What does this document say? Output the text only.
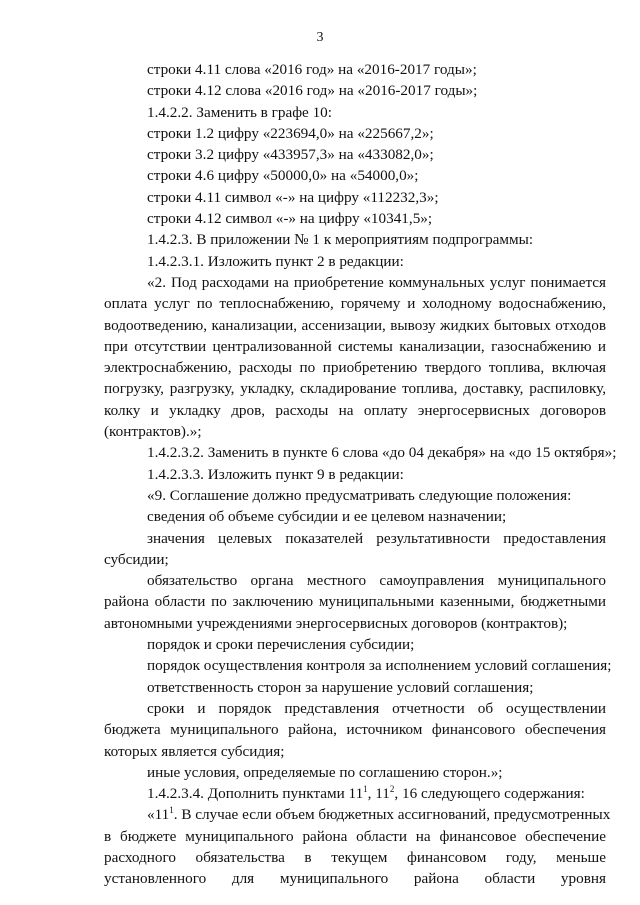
3
строки 4.11 слова «2016 год» на «2016-2017 годы»;
строки 4.12 слова «2016 год» на «2016-2017 годы»;
1.4.2.2. Заменить в графе 10:
строки 1.2 цифру «223694,0» на «225667,2»;
строки 3.2 цифру «433957,3» на «433082,0»;
строки 4.6 цифру «50000,0» на «54000,0»;
строки 4.11 символ «-» на цифру «112232,3»;
строки 4.12 символ «-» на цифру «10341,5»;
1.4.2.3. В приложении № 1 к мероприятиям подпрограммы:
1.4.2.3.1. Изложить пункт 2 в редакции:
«2. Под расходами на приобретение коммунальных услуг понимается
оплата услуг по теплоснабжению, горячему и холодному водоснабжению,
водоотведению, канализации, ассенизации, вывозу жидких бытовых отходов
при отсутствии централизованной системы канализации, газоснабжению и
электроснабжению, расходы по приобретению твердого топлива, включая
погрузку, разгрузку, укладку, складирование топлива, доставку, распиловку,
колку и укладку дров, расходы на оплату энергосервисных договоров
(контрактов).»;
1.4.2.3.2. Заменить в пункте 6 слова «до 04 декабря» на «до 15 октября»;
1.4.2.3.3. Изложить пункт 9 в редакции:
«9. Соглашение должно предусматривать следующие положения:
сведения об объеме субсидии и ее целевом назначении;
значения целевых показателей результативности предоставления
субсидии;
обязательство органа местного самоуправления муниципального
района области по заключению муниципальными казенными, бюджетными
автономными учреждениями энергосервисных договоров (контрактов);
порядок и сроки перечисления субсидии;
порядок осуществления контроля за исполнением условий соглашения;
ответственность сторон за нарушение условий соглашения;
сроки и порядок представления отчетности об осуществлении
бюджета муниципального района, источником финансового обеспечения
которых является субсидия;
иные условия, определяемые по соглашению сторон.»;
1.4.2.3.4. Дополнить пунктами $11^1$, $11^2$, 16 следующего содержания:
«$11^1$. В случае если объем бюджетных ассигнований, предусмотренных
в бюджете муниципального района области на финансовое обеспечение
расходного обязательства в текущем финансовом году, меньше
установленного для муниципального района области уровня
